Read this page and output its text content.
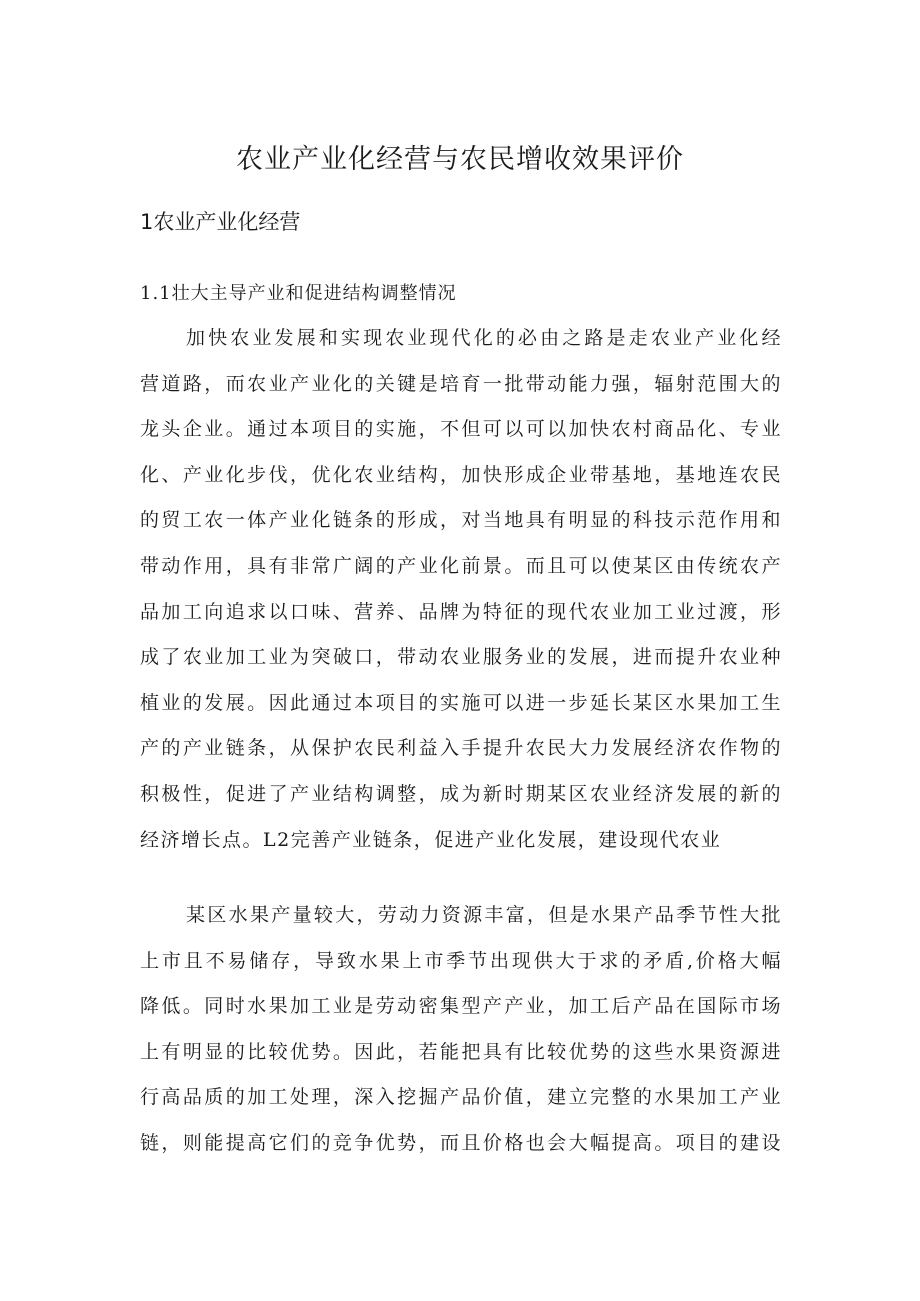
农业产业化经营与农民增收效果评价
1农业产业化经营
1.1壮大主导产业和促进结构调整情况

加快农业发展和实现农业现代化的必由之路是走农业产业化经
营道路，而农业产业化的关键是培育一批带动能力强，辐射范围大的
龙头企业。通过本项目的实施，不但可以可以加快农村商品化、专业
化、产业化步伐，优化农业结构，加快形成企业带基地，基地连农民
的贸工农一体产业化链条的形成，对当地具有明显的科技示范作用和
带动作用，具有非常广阔的产业化前景。而且可以使某区由传统农产
品加工向追求以口味、营养、品牌为特征的现代农业加工业过渡，形
成了农业加工业为突破口，带动农业服务业的发展，进而提升农业种
植业的发展。因此通过本项目的实施可以进一步延长某区水果加工生
产的产业链条，从保护农民利益入手提升农民大力发展经济农作物的
积极性，促进了产业结构调整，成为新时期某区农业经济发展的新的
经济增长点。L2完善产业链条，促进产业化发展，建设现代农业

某区水果产量较大，劳动力资源丰富，但是水果产品季节性大批
上市且不易储存，导致水果上市季节出现供大于求的矛盾,价格大幅
降低。同时水果加工业是劳动密集型产产业，加工后产品在国际市场
上有明显的比较优势。因此，若能把具有比较优势的这些水果资源进
行高品质的加工处理，深入挖掘产品价值，建立完整的水果加工产业
链，则能提高它们的竞争优势，而且价格也会大幅提高。项目的建设
